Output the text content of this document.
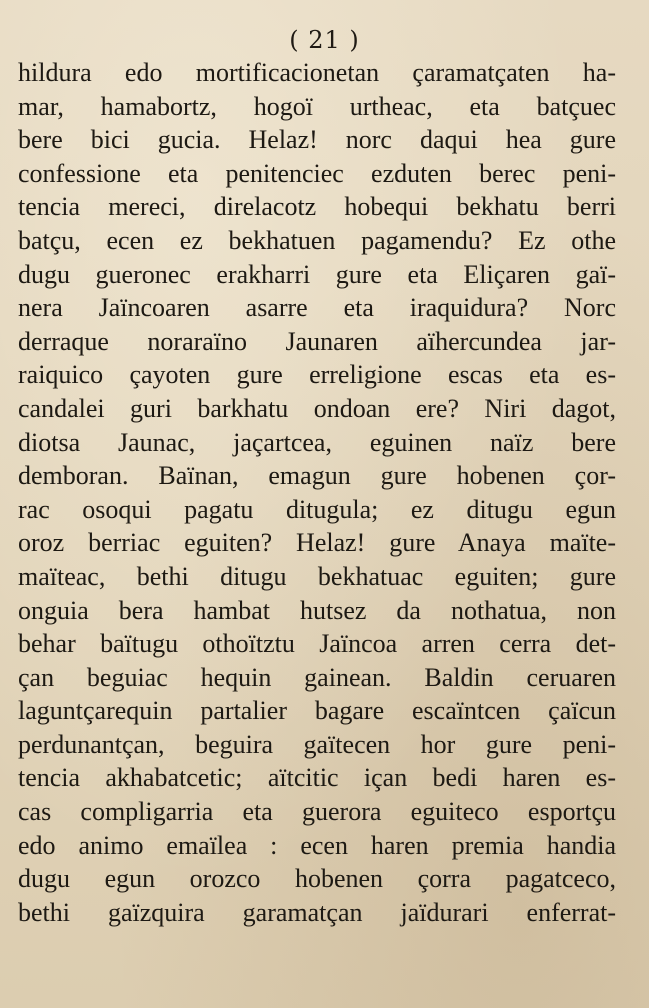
( 21 )
hildura edo mortificacionetan çaramatçaten ha-
mar, hamabortz, hogoï urtheac, eta batçuec
bere bici gucia. Helaz! norc daqui hea gure
confessione eta penitenciec ezduten berec peni-
tencia mereci, direlacotz hobequi bekhatu berri
batçu, ecen ez bekhatuen pagamendu? Ez othe
dugu gueronec erakharri gure eta Eliçaren gaï-
nera Jaïncoaren asarre eta iraquidura? Norc
derraque noraraïno Jaunaren aïhercundea jar-
raiquico çayoten gure erreligione escas eta es-
candalei guri barkhatu ondoan ere? Niri dagot,
diotsa Jaunac, jaçartcea, eguinen naïz bere
demboran. Baïnan, emagun gure hobenen çor-
rac osoqui pagatu ditugula; ez ditugu egun
oroz berriac eguiten? Helaz! gure Anaya maïte-
maïteac, bethi ditugu bekhatuac eguiten; gure
onguia bera hambat hutsez da nothatua, non
behar baïtugu othoïtztu Jaïncoa arren cerra det-
çan beguiac hequin gainean. Baldin ceruaren
laguntçarequin partalier bagare escaïntcen çaïcun
perdunantçan, beguira gaïtecen hor gure peni-
tencia akhabatcetic; aïtcitic içan bedi haren es-
cas compligarria eta guerora eguiteco esportçu
edo animo emaïlea : ecen haren premia handia
dugu egun orozco hobenen çorra pagatceco,
bethi gaïzquira garamatçan jaïdurari enferrat-
